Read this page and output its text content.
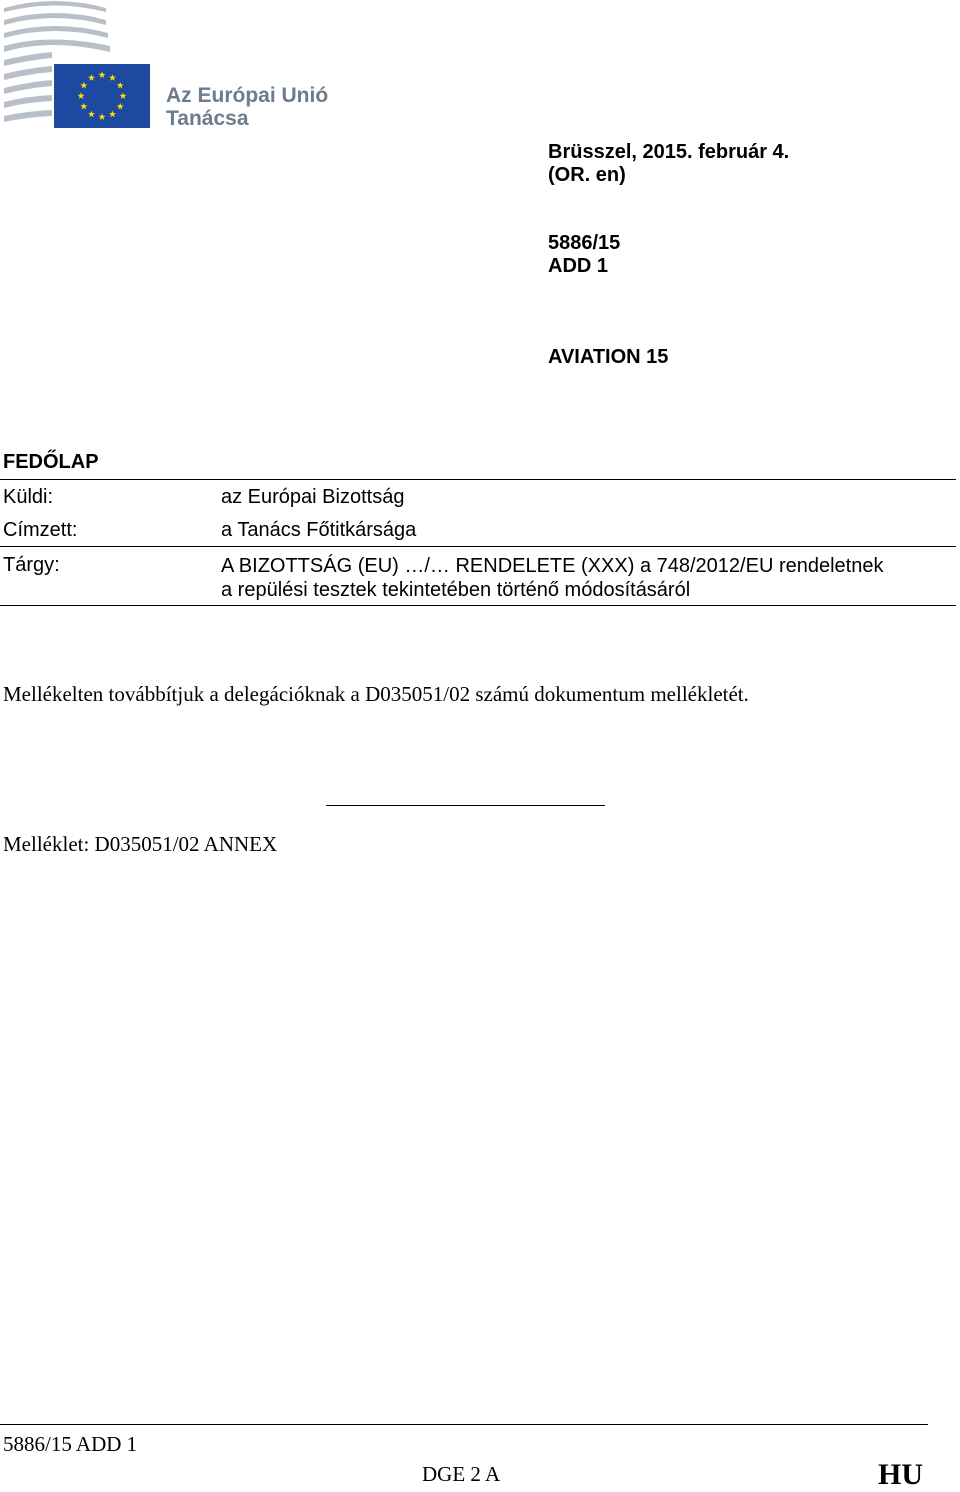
Az Európai Unió
Tanácsa
Brüsszel, 2015. február 4.
(OR. en)
5886/15
ADD 1
AVIATION 15
FEDŐLAP
Küldi:	az Európai Bizottság
Címzett:	a Tanács Főtitkársága
Tárgy:	A BIZOTTSÁG (EU) …/… RENDELETE (XXX) a 748/2012/EU rendeletnek
a repülési tesztek tekintetében történő módosításáról
Mellékelten továbbítjuk a delegációknak a D035051/02 számú dokumentum mellékletét.
Melléklet: D035051/02 ANNEX
5886/15 ADD 1
DGE 2 A	HU
